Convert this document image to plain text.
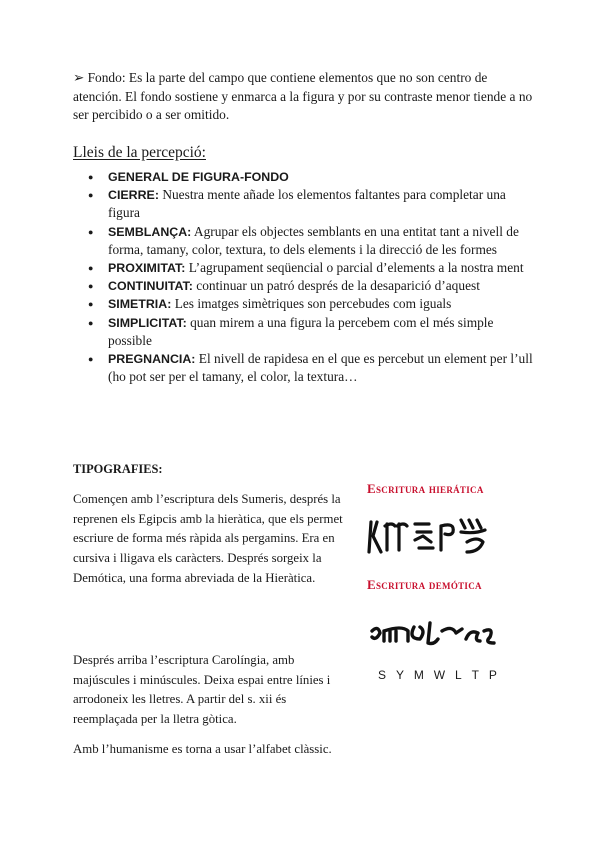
➢ Fondo: Es la parte del campo que contiene elementos que no son centro de atención. El fondo sostiene y enmarca a la figura y por su contraste menor tiende a no ser percibido o a ser omitido.
Lleis de la percepció:
● GENERAL DE FIGURA-FONDO
● CIERRE: Nuestra mente añade los elementos faltantes para completar una figura
● SEMBLANÇA: Agrupar els objectes semblants en una entitat tant a nivell de forma, tamany, color, textura, to dels elements i la direcció de les formes
● PROXIMITAT: L’agrupament seqüencial o parcial d’elements a la nostra ment
● CONTINUITAT: continuar un patró després de la desaparició d’aquest
● SIMETRIA: Les imatges simètriques son percebudes com iguals
● SIMPLICITAT: quan mirem a una figura la percebem com el més simple possible
● PREGNANCIA: El nivell de rapidesa en el que es percebut un element per l’ull (ho pot ser per el tamany, el color, la textura…
TIPOGRAFIES:

Començen amb l’escriptura dels Sumeris, després la reprenen els Egipcis amb la hieràtica, que els permet escriure de forma més ràpida als pergamins. Era en cursiva i lligava els caràcters. Després sorgeix la Demótica, una forma abreviada de la Hieràtica.

Després arriba l’escriptura Carolíngia, amb majúscules i minúscules. Deixa espai entre línies i arrodoneix les lletres. A partir del s. xii és reemplaçada per la lletra gòtica.

Amb l’humanisme es torna a usar l’alfabet clàssic.

Escritura hierática
Escritura demótica
S Y M W L T P
